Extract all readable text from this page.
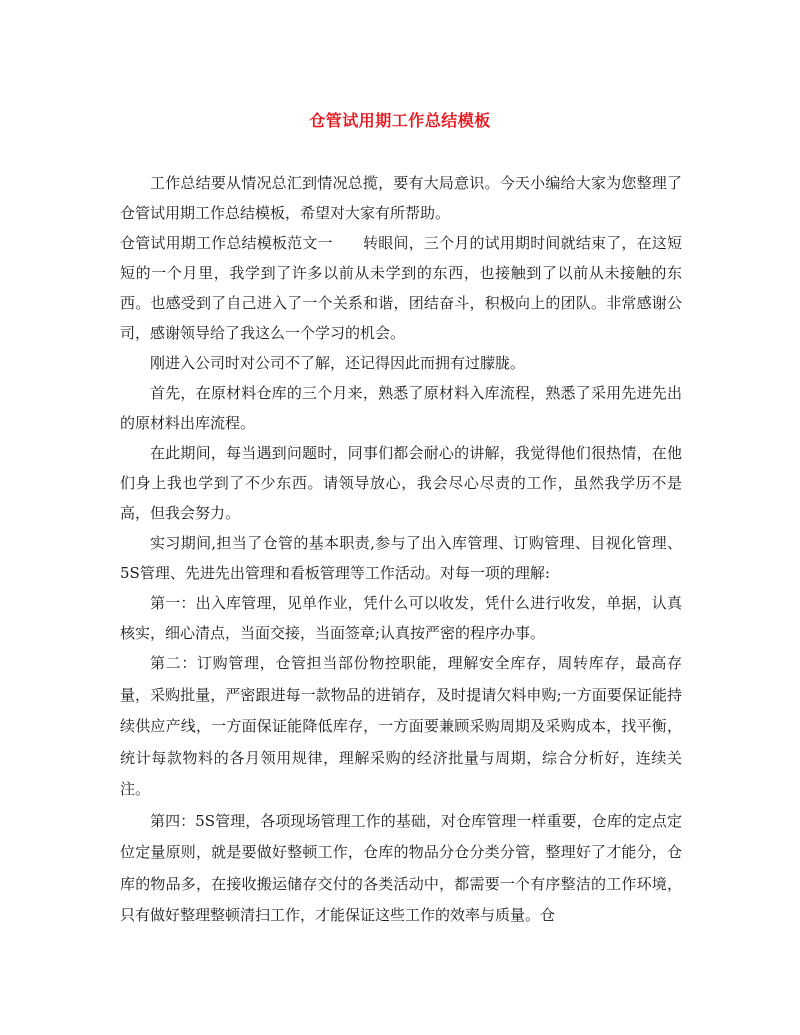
仓管试用期工作总结模板

工作总结要从情况总汇到情况总揽，要有大局意识。今天小编给大家为您整理了仓管试用期工作总结模板，希望对大家有所帮助。

仓管试用期工作总结模板范文一　　转眼间，三个月的试用期时间就结束了，在这短短的一个月里，我学到了许多以前从未学到的东西，也接触到了以前从未接触的东西。也感受到了自己进入了一个关系和谐，团结奋斗，积极向上的团队。非常感谢公司，感谢领导给了我这么一个学习的机会。

刚进入公司时对公司不了解，还记得因此而拥有过朦胧。

首先，在原材料仓库的三个月来，熟悉了原材料入库流程，熟悉了采用先进先出的原材料出库流程。

在此期间，每当遇到问题时，同事们都会耐心的讲解，我觉得他们很热情，在他们身上我也学到了不少东西。请领导放心，我会尽心尽责的工作，虽然我学历不是高，但我会努力。

实习期间,担当了仓管的基本职责,参与了出入库管理、订购管理、目视化管理、5S管理、先进先出管理和看板管理等工作活动。对每一项的理解:

第一：出入库管理，见单作业，凭什么可以收发，凭什么进行收发，单据，认真核实，细心清点，当面交接，当面签章;认真按严密的程序办事。

第二：订购管理，仓管担当部份物控职能，理解安全库存，周转库存，最高存量，采购批量，严密跟进每一款物品的进销存，及时提请欠料申购;一方面要保证能持续供应产线，一方面保证能降低库存，一方面要兼顾采购周期及采购成本，找平衡，统计每款物料的各月领用规律，理解采购的经济批量与周期，综合分析好，连续关注。

第四：5S管理，各项现场管理工作的基础，对仓库管理一样重要，仓库的定点定位定量原则，就是要做好整顿工作，仓库的物品分仓分类分管，整理好了才能分，仓库的物品多，在接收搬运储存交付的各类活动中，都需要一个有序整洁的工作环境，只有做好整理整顿清扫工作，才能保证这些工作的效率与质量。仓
